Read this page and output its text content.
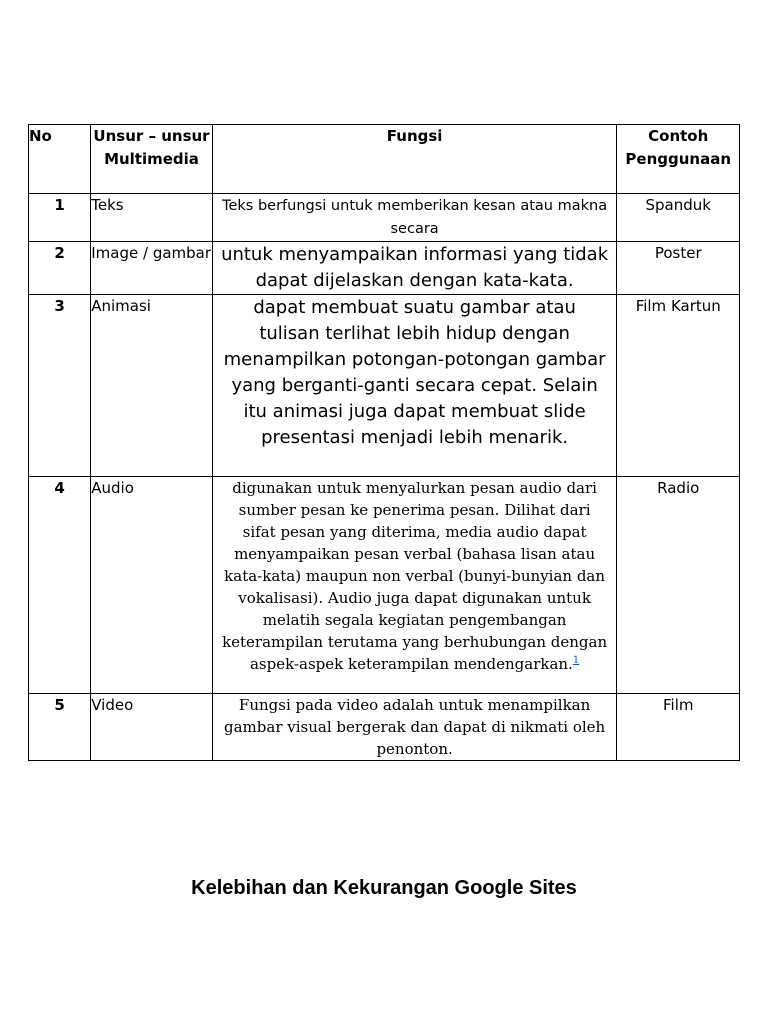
No	Unsur – unsur Multimedia	Fungsi	Contoh Penggunaan
1	Teks	Teks berfungsi untuk memberikan kesan atau makna secara	Spanduk
2	Image / gambar	untuk menyampaikan informasi yang tidak dapat dijelaskan dengan kata-kata.	Poster
3	Animasi	dapat membuat suatu gambar atau tulisan terlihat lebih hidup dengan menampilkan potongan-potongan gambar yang berganti-ganti secara cepat. Selain itu animasi juga dapat membuat slide presentasi menjadi lebih menarik.	Film Kartun
4	Audio	digunakan untuk menyalurkan pesan audio dari sumber pesan ke penerima pesan. Dilihat dari sifat pesan yang diterima, media audio dapat menyampaikan pesan verbal (bahasa lisan atau kata-kata) maupun non verbal (bunyi-bunyian dan vokalisasi). Audio juga dapat digunakan untuk melatih segala kegiatan pengembangan keterampilan terutama yang berhubungan dengan aspek-aspek keterampilan mendengarkan.$^1$	Radio
5	Video	Fungsi pada video adalah untuk menampilkan gambar visual bergerak dan dapat di nikmati oleh penonton.	Film
Kelebihan dan Kekurangan Google Sites
